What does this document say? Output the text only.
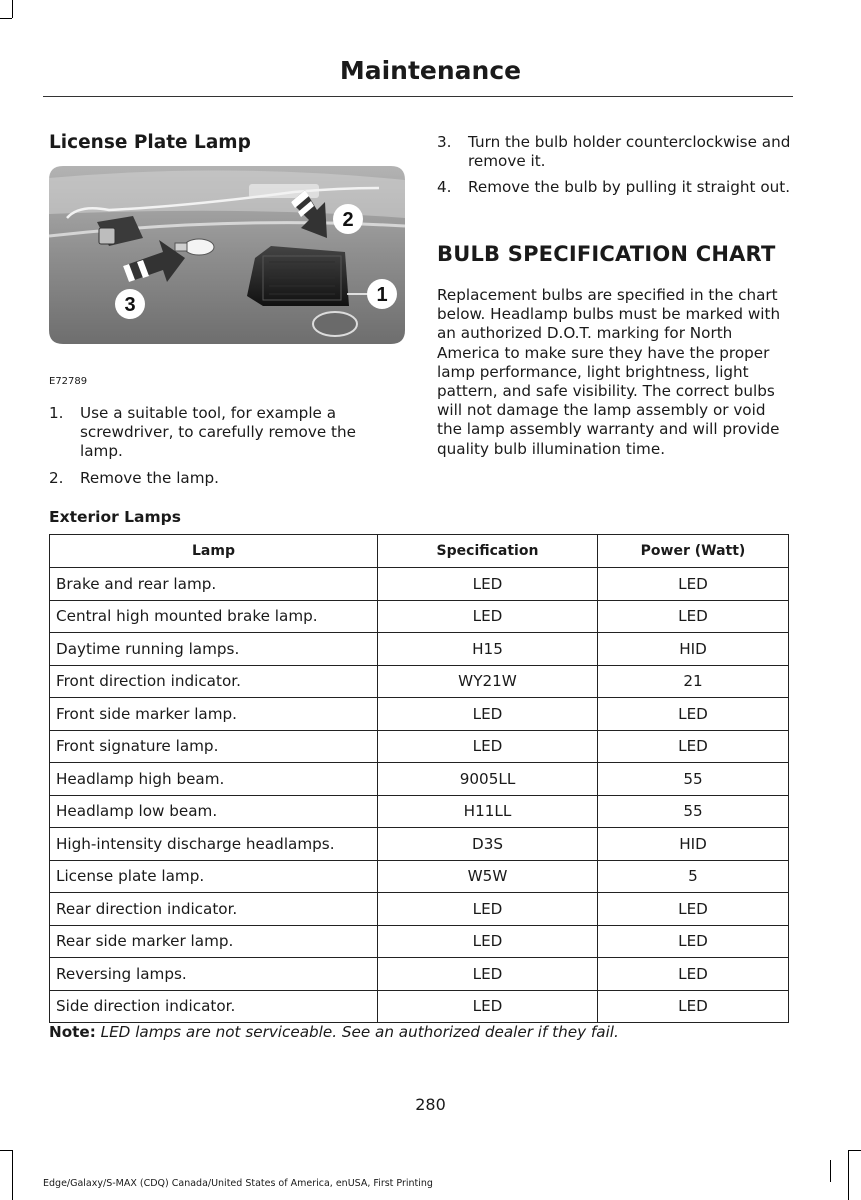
Maintenance
License Plate Lamp
1
2
3
E72789
1. Use a suitable tool, for example a screwdriver, to carefully remove the lamp.
2. Remove the lamp.
3. Turn the bulb holder counterclockwise and remove it.
4. Remove the bulb by pulling it straight out.
BULB SPECIFICATION CHART
Replacement bulbs are specified in the chart below. Headlamp bulbs must be marked with an authorized D.O.T. marking for North America to make sure they have the proper lamp performance, light brightness, light pattern, and safe visibility. The correct bulbs will not damage the lamp assembly or void the lamp assembly warranty and will provide quality bulb illumination time.
Exterior Lamps
Lamp	Specification	Power (Watt)
Brake and rear lamp.	LED	LED
Central high mounted brake lamp.	LED	LED
Daytime running lamps.	H15	HID
Front direction indicator.	WY21W	21
Front side marker lamp.	LED	LED
Front signature lamp.	LED	LED
Headlamp high beam.	9005LL	55
Headlamp low beam.	H11LL	55
High-intensity discharge headlamps.	D3S	HID
License plate lamp.	W5W	5
Rear direction indicator.	LED	LED
Rear side marker lamp.	LED	LED
Reversing lamps.	LED	LED
Side direction indicator.	LED	LED
Note: LED lamps are not serviceable. See an authorized dealer if they fail.
280
Edge/Galaxy/S-MAX (CDQ) Canada/United States of America, enUSA, First Printing
